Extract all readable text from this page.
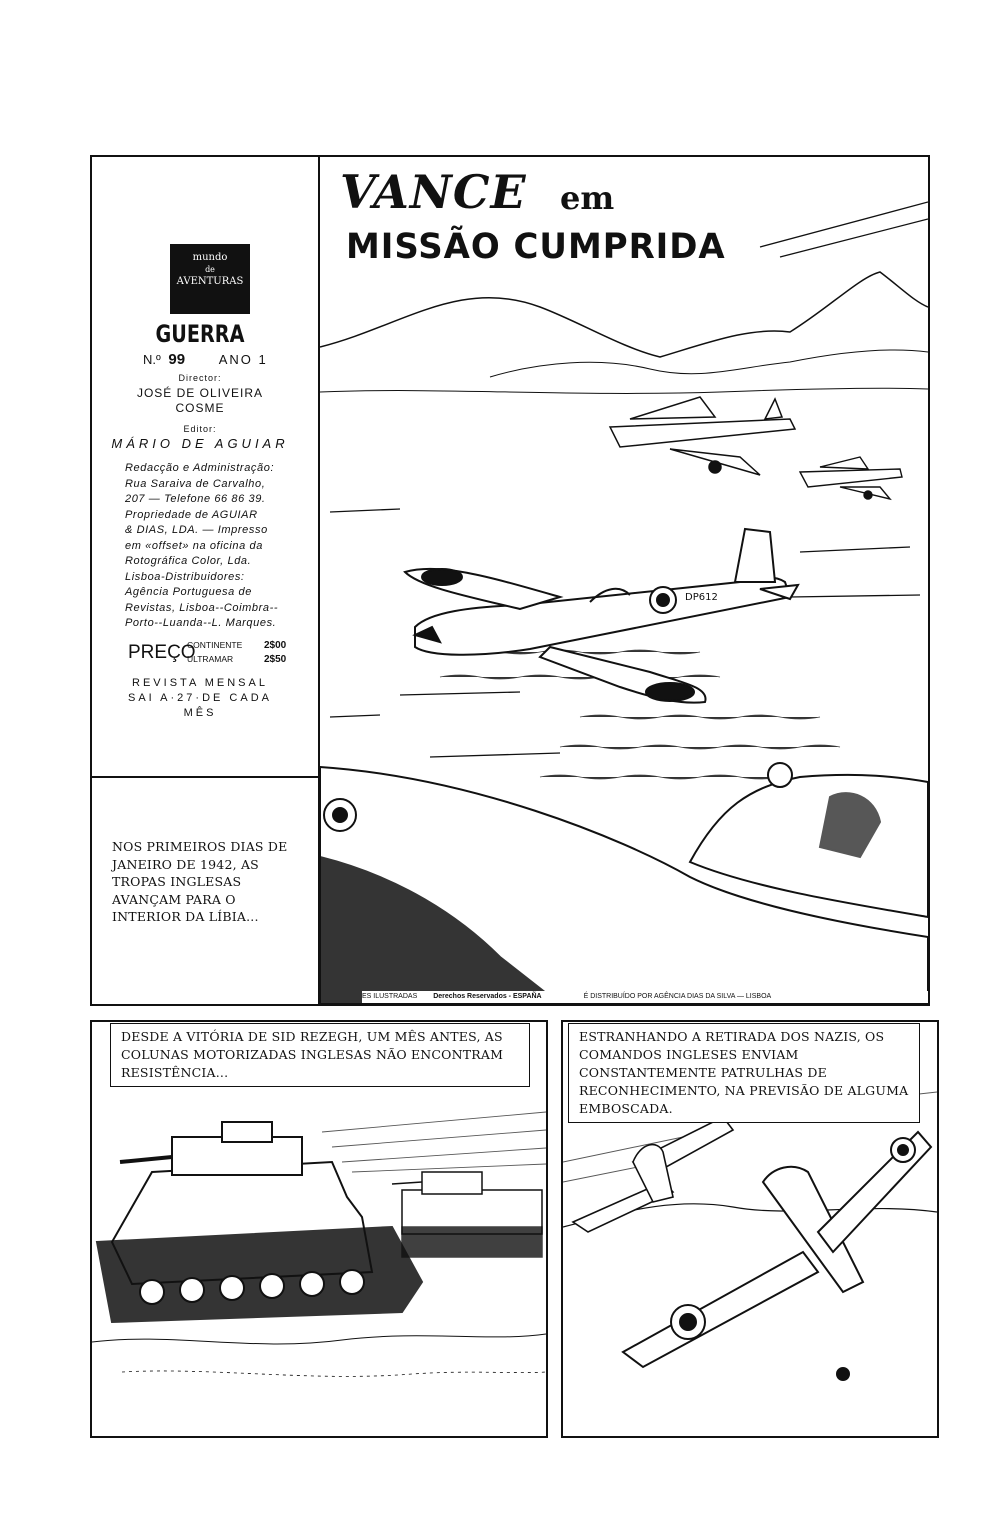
mundo
de
AVENTURAS
GUERRA
N.º 99	ANO 1
Director:
JOSÉ DE OLIVEIRA
COSME
Editor:
MÁRIO DE AGUIAR
Redacção e Administração:
Rua Saraiva de Carvalho,
207 — Telefone 66 86 39.
Propriedade de AGUIAR
& DIAS, LDA. — Impresso
em «offset» na oficina da
Rotográfica Color, Lda.
Lisboa-Distribuidores:
Agência Portuguesa de
Revistas, Lisboa--Coimbra--
Porto--Luanda--L. Marques.
PREÇO
CONTINENTE 2$00
ULTRAMAR	2$50
REVISTA MENSAL
SAI A·27·DE CADA
MÊS
NOS PRIMEIROS DIAS DE JANEIRO DE 1942, AS TROPAS INGLESAS AVANÇAM PARA O INTERIOR DA LÍBIA...
DP612
VANCE em
MISSÃO CUMPRIDA
ES ILUSTRADAS Derechos Reservados - ESPAÑA	É DISTRIBUÍDO POR AGÊNCIA DIAS DA SILVA — LISBOA
DESDE A VITÓRIA DE SID REZEGH, UM MÊS ANTES, AS COLUNAS MOTORIZADAS INGLESAS NÃO ENCONTRAM RESISTÊNCIA...
ESTRANHANDO A RETIRADA DOS NAZIS, OS COMANDOS INGLESES ENVIAM CONSTANTEMENTE PATRULHAS DE RECONHECIMENTO, NA PREVISÃO DE ALGUMA EMBOSCADA.
